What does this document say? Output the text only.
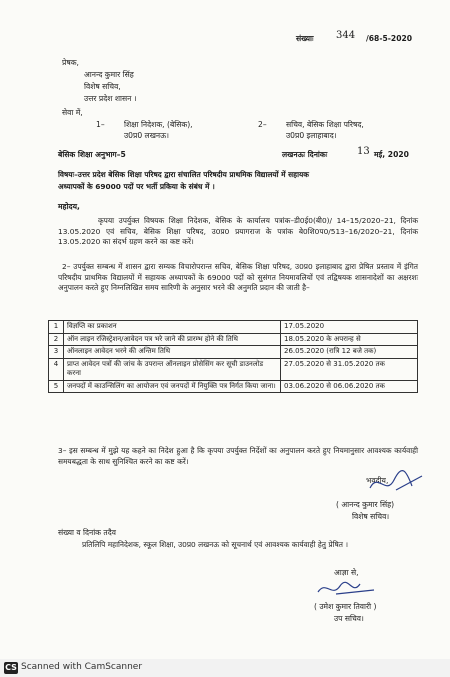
संख्याः 344 /68-5-2020
प्रेषक,
आनन्द कुमार सिंह
विशेष सचिव,
उत्तर प्रदेश शासन ।
सेवा में,
1–	शिक्षा निदेशक, (बेसिक),
उ0प्र0 लखनऊ।
2–	सचिव, बेसिक शिक्षा परिषद,
उ0प्र0 इलाहाबाद।
बेसिक शिक्षा अनुभाग–5	लखनऊः दिनांकः	13 मई, 2020
विषयः–उत्तर प्रदेश बेसिक शिक्षा परिषद द्वारा संचालित परिषदीय प्राथमिक विद्यालयों में सहायक
अध्यापकों के 69000 पदों पर भर्ती प्रकिया के संबंध में ।
महोदय,
कृपया उपर्युक्त विषयक शिक्षा निदेशक, बेसिक के कार्यालय पत्रांक–डी0ई0(बी0)/ 14–15/2020–21, दिनांक 13.05.2020 एवं सचिव, बेसिक शिक्षा परिषद, उ0प्र0 प्रयागराज के पत्रांक बे0शि0प0/513–16/2020–21, दिनांक 13.05.2020 का संदर्भ ग्रहण करने का कष्ट करें।
2– उपर्युक्त सम्बन्ध में शासन द्वारा सम्यक विचारोपरान्त सचिव, बेसिक शिक्षा परिषद, उ0प्र0 इलाहाबाद द्वारा प्रेषित प्रस्ताव में इंगित परिषदीय प्राथमिक विद्यालयों में सहायक अध्यापकों के 69000 पदों को सुसंगत नियमावलियों एवं तद्विषयक शासनादेशों का अक्षरशः अनुपालन करते हुए निम्नलिखित समय सारिणी के अनुसार भरने की अनुमति प्रदान की जाती है–
1	विज्ञप्ति का प्रकाशन	17.05.2020
2	ऑन लाइन रजिस्ट्रेशन/आवेदन पत्र भरे जाने की प्रारम्भ होने की तिथि	18.05.2020 के अपरान्ह से
3	ऑनलाइन आवेदन भरने की अन्तिम तिथि	26.05.2020 (रात्रि 12 बजे तक)
4	प्राप्त आवेदन पत्रों की जांच के उपरान्त ऑनलाइन प्रोसेसिंग कर सूची डाउनलोड करना	27.05.2020 से 31.05.2020 तक
5	जनपदों में काउन्सिलिंग का आयोजन एवं जनपदों में नियुक्ति पत्र निर्गत किया जाना।	03.06.2020 से 06.06.2020 तक
3– इस सम्बन्ध में मुझे यह कहने का निदेश हुआ है कि कृपया उपर्युक्त निर्देशों का अनुपालन करते हुए नियमानुसार आवश्यक कार्यवाही समयबद्धता के साथ सुनिश्चित करने का कष्ट करें।
भवदीय,
( आनन्द कुमार सिंह)
विशेष सचिव।
संख्या व दिनांक तदैव
प्रतिलिपि महानिदेशक, स्कूल शिक्षा, उ0प्र0 लखनऊ को सूचनार्थ एवं आवश्यक कार्यवाही हेतु प्रेषित ।
आज्ञा से,
( उमेश कुमार तिवारी )
उप सचिव।
CS Scanned with CamScanner
